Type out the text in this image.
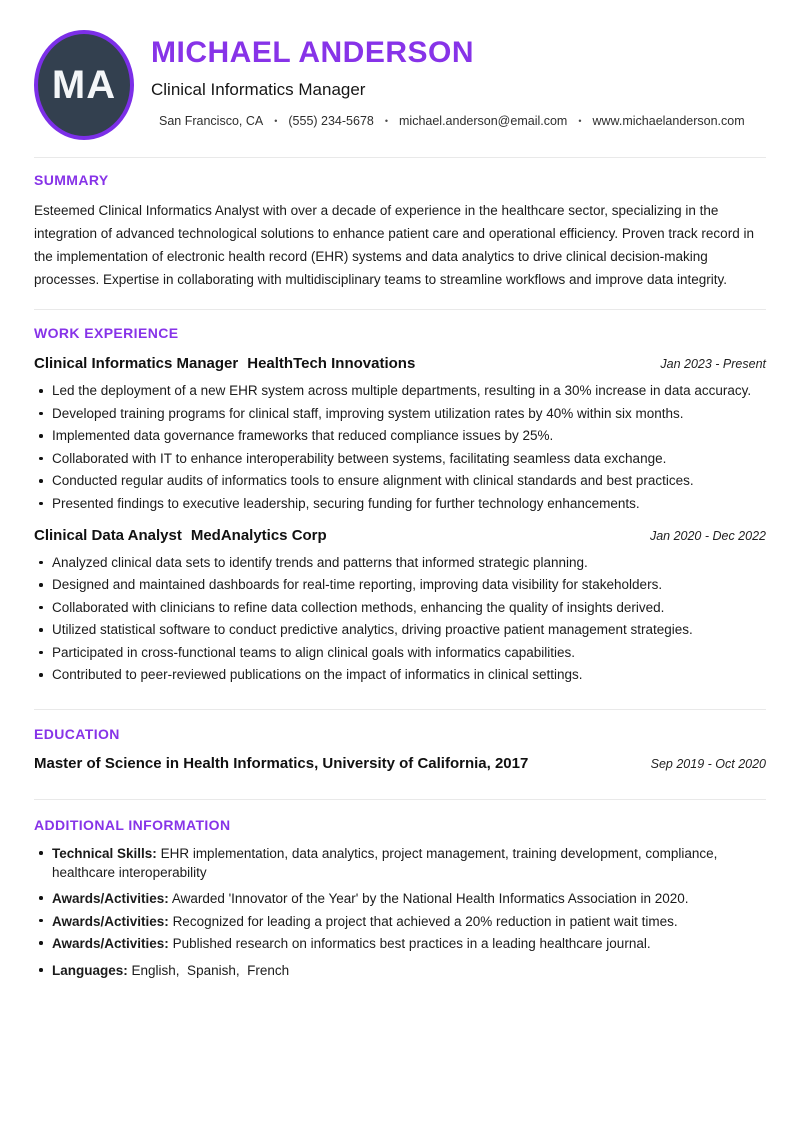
MA
MICHAEL ANDERSON
Clinical Informatics Manager
San Francisco, CA • (555) 234-5678 • michael.anderson@email.com • www.michaelanderson.com
SUMMARY

Esteemed Clinical Informatics Analyst with over a decade of experience in the healthcare sector, specializing in the integration of advanced technological solutions to enhance patient care and operational efficiency. Proven track record in the implementation of electronic health record (EHR) systems and data analytics to drive clinical decision-making processes. Expertise in collaborating with multidisciplinary teams to streamline workflows and improve data integrity.

WORK EXPERIENCE
Clinical Informatics Manager HealthTech Innovations	Jan 2023 - Present
Led the deployment of a new EHR system across multiple departments, resulting in a 30% increase in data accuracy.
Developed training programs for clinical staff, improving system utilization rates by 40% within six months.
Implemented data governance frameworks that reduced compliance issues by 25%.
Collaborated with IT to enhance interoperability between systems, facilitating seamless data exchange.
Conducted regular audits of informatics tools to ensure alignment with clinical standards and best practices.
Presented findings to executive leadership, securing funding for further technology enhancements.
Clinical Data Analyst MedAnalytics Corp	Jan 2020 - Dec 2022
Analyzed clinical data sets to identify trends and patterns that informed strategic planning.
Designed and maintained dashboards for real-time reporting, improving data visibility for stakeholders.
Collaborated with clinicians to refine data collection methods, enhancing the quality of insights derived.
Utilized statistical software to conduct predictive analytics, driving proactive patient management strategies.
Participated in cross-functional teams to align clinical goals with informatics capabilities.
Contributed to peer-reviewed publications on the impact of informatics in clinical settings.
EDUCATION
Master of Science in Health Informatics, University of California, 2017	Sep 2019 - Oct 2020
ADDITIONAL INFORMATION
Technical Skills: EHR implementation, data analytics, project management, training development, compliance, healthcare interoperability
Awards/Activities: Awarded 'Innovator of the Year' by the National Health Informatics Association in 2020.
Awards/Activities: Recognized for leading a project that achieved a 20% reduction in patient wait times.
Awards/Activities: Published research on informatics best practices in a leading healthcare journal.
Languages: English,  Spanish,  French
